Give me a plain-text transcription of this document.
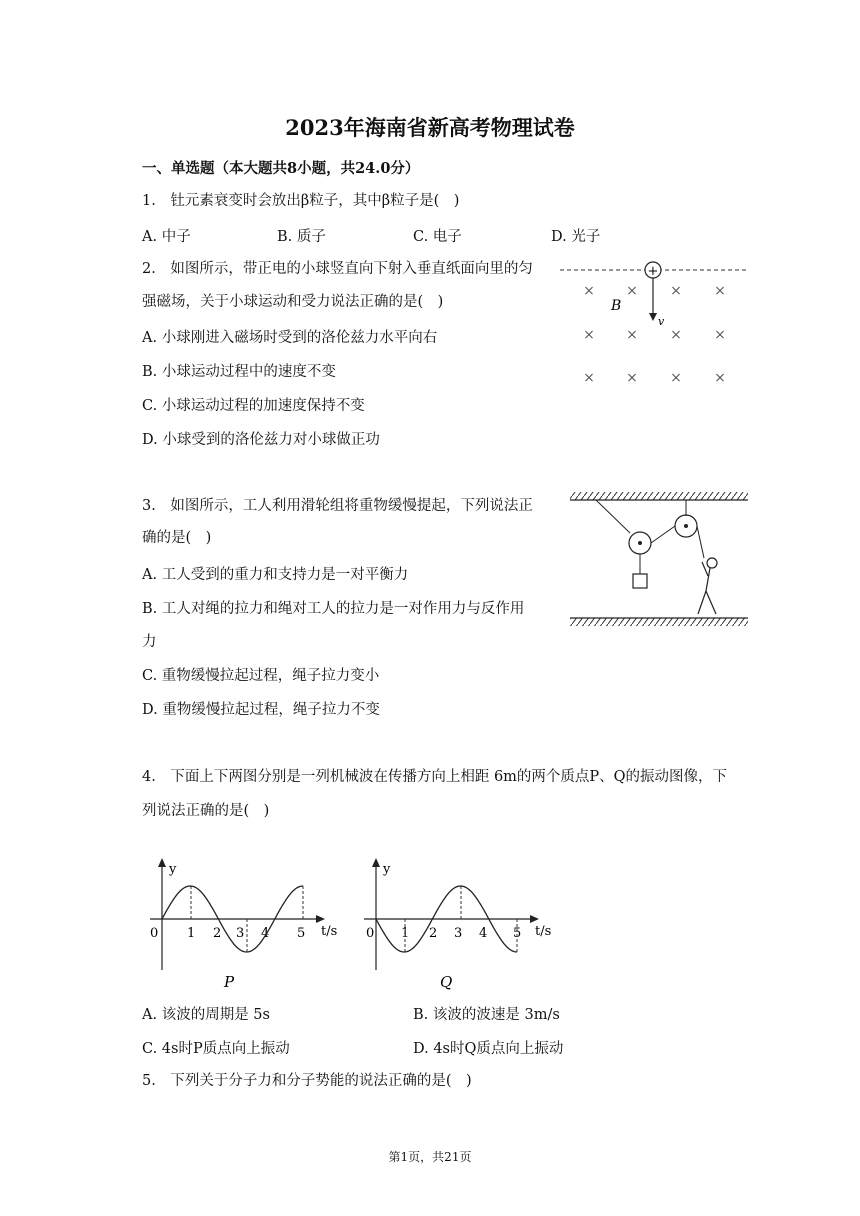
2023年海南省新高考物理试卷
一、单选题（本大题共8小题，共24.0分）
1.　钍元素衰变时会放出β粒子，其中β粒子是(　)
A. 中子	B. 质子	C. 电子	D. 光子
2.　如图所示，带正电的小球竖直向下射入垂直纸面向里的匀
强磁场，关于小球运动和受力说法正确的是(　)
A. 小球刚进入磁场时受到的洛伦兹力水平向右
B. 小球运动过程中的速度不变
C. 小球运动过程的加速度保持不变
D. 小球受到的洛伦兹力对小球做正功
+
v
B
× × × ×
× × × ×
× × × ×
3.　如图所示，工人利用滑轮组将重物缓慢提起，下列说法正
确的是(　)
A. 工人受到的重力和支持力是一对平衡力
B. 工人对绳的拉力和绳对工人的拉力是一对作用力与反作用
力
C. 重物缓慢拉起过程，绳子拉力变小
D. 重物缓慢拉起过程，绳子拉力不变
4.　下面上下两图分别是一列机械波在传播方向上相距 6m的两个质点P、Q的振动图像，下
列说法正确的是(　)
y
t/s
0 1 2 3 4 5
P
y
t/s
0 1 2 3 4 5
Q
A. 该波的周期是 5s	B. 该波的波速是 3m/s
C. 4s时P质点向上振动	D. 4s时Q质点向上振动
5.　下列关于分子力和分子势能的说法正确的是(　)
第1页，共21页
